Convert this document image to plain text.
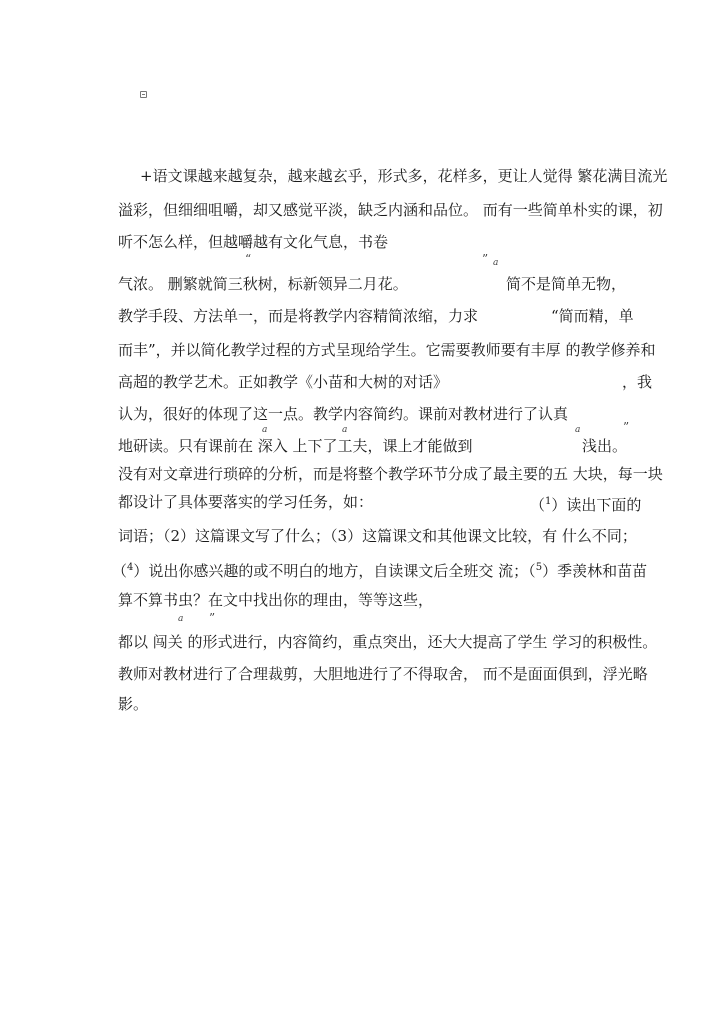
+语文课越来越复杂，越来越玄乎，形式多，花样多，更让人觉得 繁花满目流光
溢彩，但细细咀嚼，却又感觉平淡，缺乏内涵和品位。 而有一些简单朴实的课，初
听不怎么样，但越嚼越有文化气息，书卷
“	” a
气浓。 删繁就简三秋树，标新领异二月花。	简不是简单无物，
教学手段、方法单一，而是将教学内容精简浓缩，力求	“简而精，单
而丰”，并以简化教学过程的方式呈现给学生。它需要教师要有丰厚 的教学修养和
高超的教学艺术。正如教学《小苗和大树的对话》	，我
认为，很好的体现了这一点。教学内容简约。课前对教材进行了认真
a	a	a	”
地研读。只有课前在 深入 上下了工夫，课上才能做到	浅出。
没有对文章进行琐碎的分析，而是将整个教学环节分成了最主要的五 大块，每一块
都设计了具体要落实的学习任务，如：	（$^1$）读出下面的
词语；（2）这篇课文写了什么；（3）这篇课文和其他课文比较，有 什么不同；
（$^4$）说出你感兴趣的或不明白的地方，自读课文后全班交 流；（$^5$）季羡林和苗苗
算不算书虫？在文中找出你的理由，等等这些，
a ”
都以 闯关 的形式进行，内容简约，重点突出，还大大提高了学生 学习的积极性。
教师对教材进行了合理裁剪，大胆地进行了不得取舍， 而不是面面俱到，浮光略
影。
